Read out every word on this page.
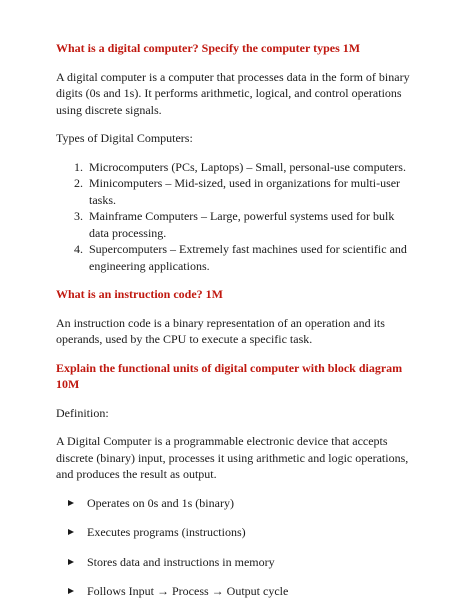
What is a digital computer? Specify the computer types 1M

A digital computer is a computer that processes data in the form of binary digits (0s and 1s). It performs arithmetic, logical, and control operations using discrete signals.

Types of Digital Computers:

1. Microcomputers (PCs, Laptops) – Small, personal-use computers.
2. Minicomputers – Mid-sized, used in organizations for multi-user tasks.
3. Mainframe Computers – Large, powerful systems used for bulk data processing.
4. Supercomputers – Extremely fast machines used for scientific and engineering applications.
What is an instruction code? 1M

An instruction code is a binary representation of an operation and its operands, used by the CPU to execute a specific task.

Explain the functional units of digital computer with block diagram 10M

Definition:

A Digital Computer is a programmable electronic device that accepts discrete (binary) input, processes it using arithmetic and logic operations, and produces the result as output.

Operates on 0s and 1s (binary)
Executes programs (instructions)
Stores data and instructions in memory
Follows Input → Process → Output cycle
